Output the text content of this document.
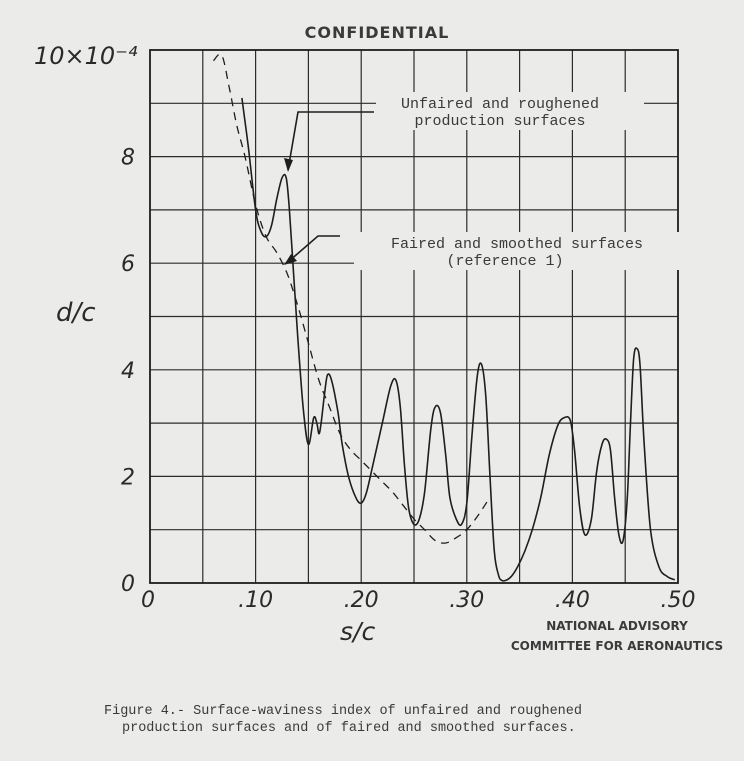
CONFIDENTIAL
0	.10	.20	.30	.40	.50
0
2
4
6
8
10×10⁻⁴
d/c
s/c
Unfaired and roughened
production surfaces
Faired and smoothed surfaces
(reference 1)
NATIONAL ADVISORY
COMMITTEE FOR AERONAUTICS
Figure 4.- Surface-waviness index of unfaired and roughened
production surfaces and of faired and smoothed surfaces.
